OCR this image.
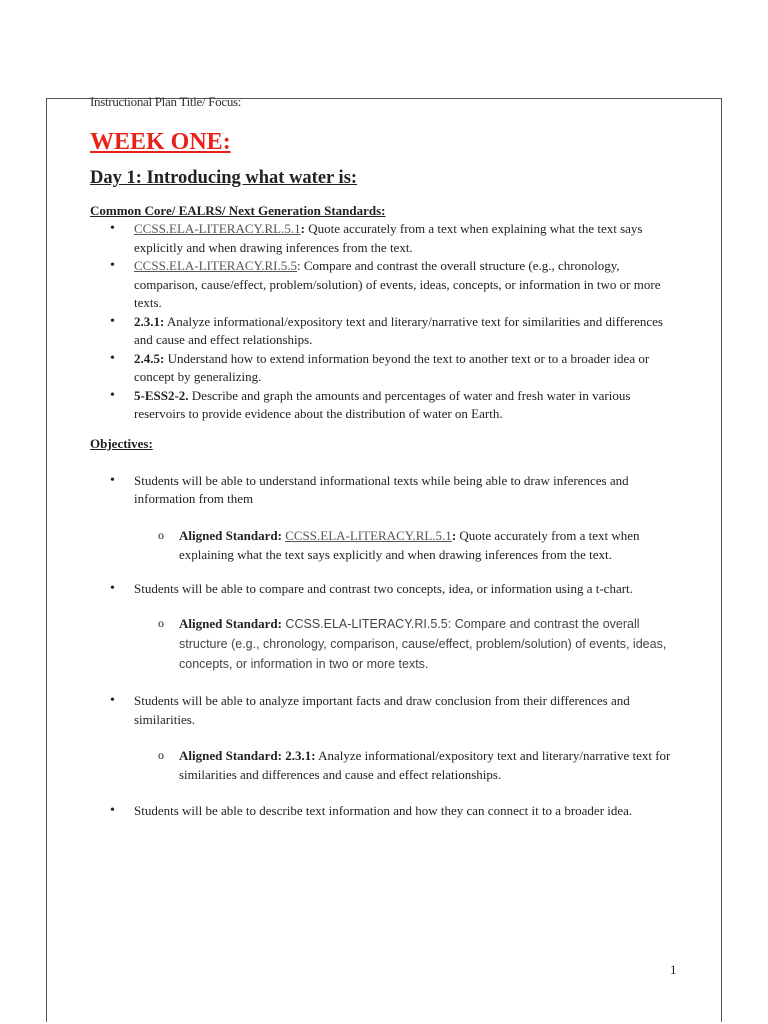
Instructional Plan Title/ Focus:
WEEK ONE:
Day 1: Introducing what water is:
Common Core/ EALRS/ Next Generation Standards:
• CCSS.ELA-LITERACY.RL.5.1: Quote accurately from a text when explaining what the text says explicitly and when drawing inferences from the text.
• CCSS.ELA-LITERACY.RI.5.5: Compare and contrast the overall structure (e.g., chronology, comparison, cause/effect, problem/solution) of events, ideas, concepts, or information in two or more texts.
• 2.3.1: Analyze informational/expository text and literary/narrative text for similarities and differences and cause and effect relationships.
• 2.4.5: Understand how to extend information beyond the text to another text or to a broader idea or concept by generalizing.
• 5-ESS2-2. Describe and graph the amounts and percentages of water and fresh water in various reservoirs to provide evidence about the distribution of water on Earth.
Objectives:
• Students will be able to understand informational texts while being able to draw inferences and information from them
o Aligned Standard: CCSS.ELA-LITERACY.RL.5.1: Quote accurately from a text when explaining what the text says explicitly and when drawing inferences from the text.
• Students will be able to compare and contrast two concepts, idea, or information using a t-chart.
o Aligned Standard: CCSS.ELA-LITERACY.RI.5.5: Compare and contrast the overall structure (e.g., chronology, comparison, cause/effect, problem/solution) of events, ideas, concepts, or information in two or more texts.
• Students will be able to analyze important facts and draw conclusion from their differences and similarities.
o Aligned Standard: 2.3.1: Analyze informational/expository text and literary/narrative text for similarities and differences and cause and effect relationships.
• Students will be able to describe text information and how they can connect it to a broader idea.
1
